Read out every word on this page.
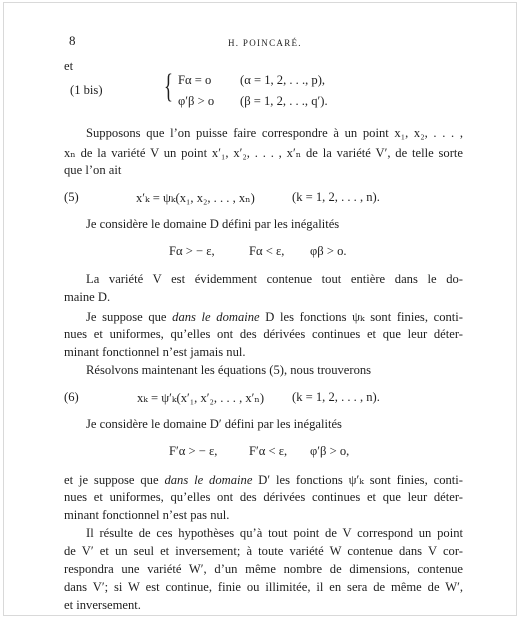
8	H. POINCARÉ.
et
(1 bis) { Fα = o (α = 1, 2, . . ., p),
φ′β > o (β = 1, 2, . . ., q′).
Supposons que l’on puisse faire correspondre à un point x₁, x₂, . . . ,
xₙ de la variété V un point x′₁, x′₂, . . . , x′ₙ de la variété V′, de telle sorte
que l’on ait
(5)	x′ₖ = ψₖ(x₁, x₂, . . . , xₙ)	(k = 1, 2, . . . , n).
Je considère le domaine D défini par les inégalités
Fα > − ε,	Fα < ε, φβ > o.
La variété V est évidemment contenue tout entière dans le do-
maine D.
Je suppose que dans le domaine D les fonctions ψₖ sont finies, conti-
nues et uniformes, qu’elles ont des dérivées continues et que leur déter-
minant fonctionnel n’est jamais nul.
Résolvons maintenant les équations (5), nous trouverons
(6)	xₖ = ψ′ₖ(x′₁, x′₂, . . . , x′ₙ) (k = 1, 2, . . . , n).
Je considère le domaine D′ défini par les inégalités
F′α > − ε,	F′α < ε, φ′β > o,
et je suppose que dans le domaine D′ les fonctions ψ′ₖ sont finies, conti-
nues et uniformes, qu’elles ont des dérivées continues et que leur déter-
minant fonctionnel n’est pas nul.
Il résulte de ces hypothèses qu’à tout point de V correspond un point
de V′ et un seul et inversement; à toute variété W contenue dans V cor-
respondra une variété W′, d’un même nombre de dimensions, contenue
dans V′; si W est continue, finie ou illimitée, il en sera de même de W′,
et inversement.
